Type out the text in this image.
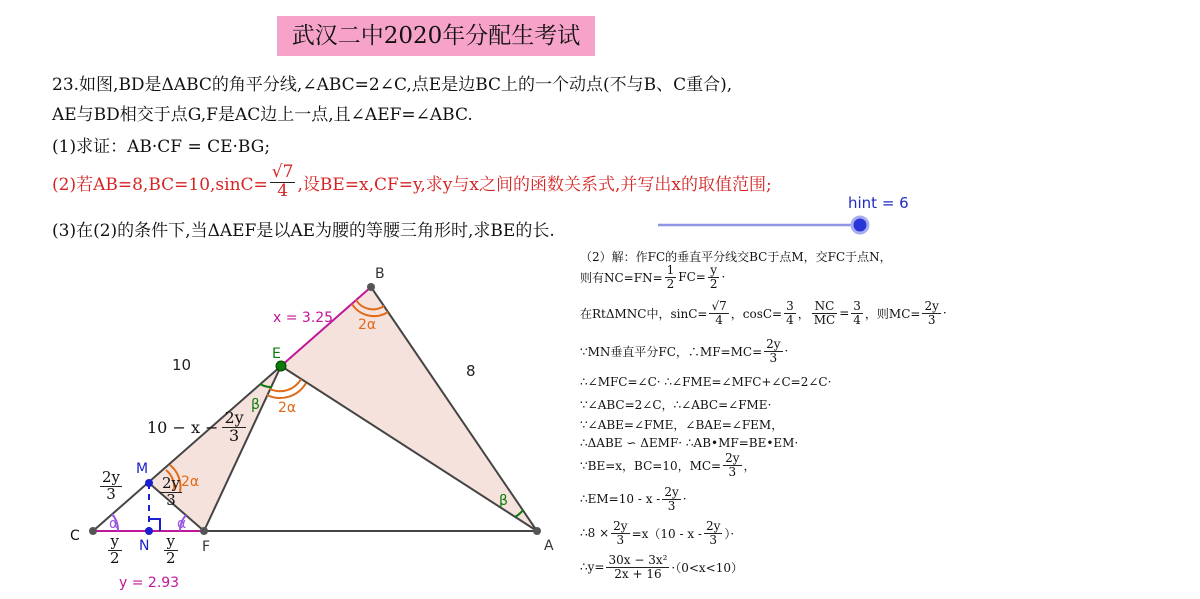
武汉二中2020年分配生考试
23.如图,BD是ΔABC的角平分线,∠ABC=2∠C,点E是边BC上的一个动点(不与B、C重合),
AE与BD相交于点G,F是AC边上一点,且∠AEF=∠ABC.
(1)求证：AB·CF = CE·BG;
(2)若$AB=8,BC=10,\sin C= \frac{√7}{4}$ ,设BE=x,CF=y,求y与x之间的函数关系式,并写出x的取值范围;
(3)在(2)的条件下,当ΔAEF是以AE为腰的等腰三角形时,求BE的长.
hint = 6
（2）解：作FC的垂直平分线交BC于点M，交FC于点N，
则有$NC=FN= \frac{1}{2} FC= \frac{y}{2}$ ·
在RtΔMNC中，$\sin C= \frac{√7}{4}$ ，$\cos C= \frac{3}{4}$ ， $\frac{NC}{MC} = \frac{3}{4}$ ，则$MC= \frac{2y}{3}$ ·
∵MN垂直平分FC，∴MF=MC= $\frac{2y}{3}$ ·
∴∠MFC=∠C· ∴∠FME=∠MFC+∠C=2∠C·
∵∠ABC=2∠C，∴∠ABC=∠FME·
∵∠ABE=∠FME，∠BAE=∠FEM，
∴ΔABE ∽ ΔEMF· ∴AB•MF=BE•EM·
∵BE=x，BC=10，$MC= \frac{2y}{3}$ ，
∴EM=10 - x - $\frac{2y}{3}$ ·
∴8 × $\frac{2y}{3} =x(10 - x - \frac{2y}{3}$ ）·
∴y= $\frac{\text{30x − 3x²}}{2x + 16} \cdot(0<x<10)$
B
A
C
F
E
M
N
α	α
2α
2α
2α
β
β
x = 3.25
y = 2.93
10	8
$10 - x - \frac{2y}{3}$
$\frac{2y}{3}$	$\frac{2y}{3}$
$\frac{y}{2}$	$\frac{y}{2}$
